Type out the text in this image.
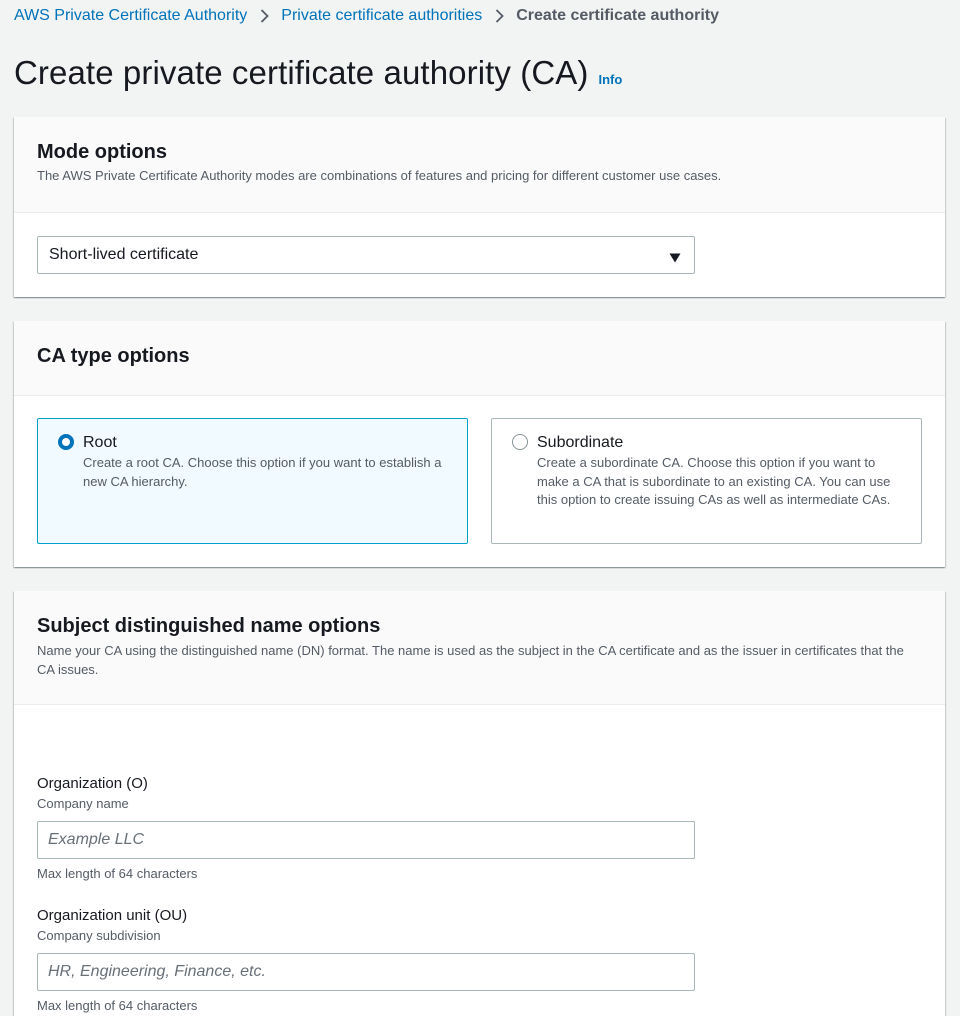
AWS Private Certificate Authority Private certificate authorities Create certificate authority
Create private certificate authority (CA) Info
Mode options

The AWS Private Certificate Authority modes are combinations of features and pricing for different customer use cases.

Short-lived certificate
CA type options
Root
Create a root CA. Choose this option if you want to establish a new CA hierarchy.
Subordinate
Create a subordinate CA. Choose this option if you want to make a CA that is subordinate to an existing CA. You can use this option to create issuing CAs as well as intermediate CAs.
Subject distinguished name options

Name your CA using the distinguished name (DN) format. The name is used as the subject in the CA certificate and as the issuer in certificates that the CA issues.

Organization (O)
Company name
Example LLC
Max length of 64 characters
Organization unit (OU)
Company subdivision
HR, Engineering, Finance, etc.
Max length of 64 characters
